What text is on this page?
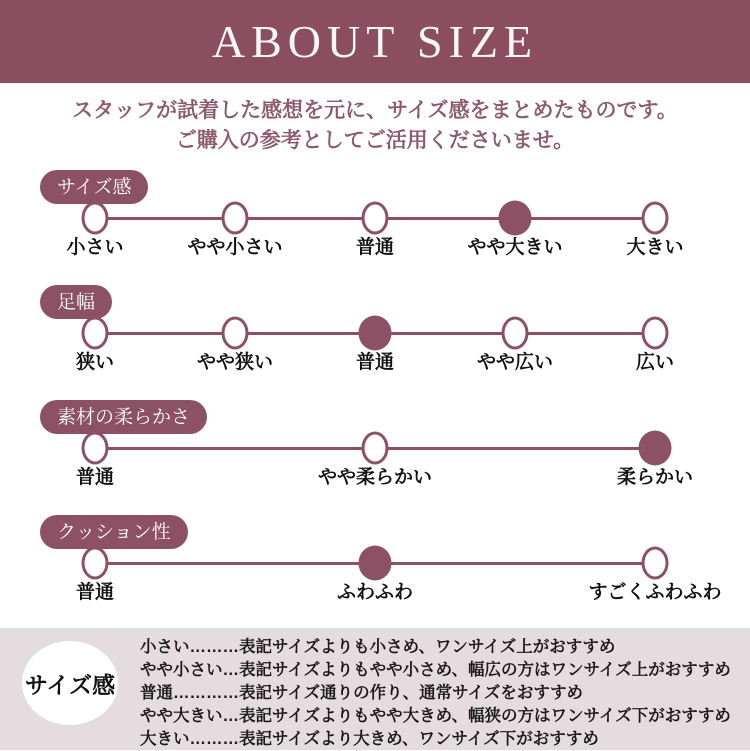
ABOUT SIZE

スタッフが試着した感想を元に、サイズ感をまとめたものです。

ご購入の参考としてご活用くださいませ。

サイズ感
小さい	やや小さい	普通	やや大きい	大きい
足幅
狭い	やや狭い	普通	やや広い	広い
素材の柔らかさ
普通	やや柔らかい	柔らかい
クッション性
普通	ふわふわ	すごくふわふわ
サイズ感

小さい………表記サイズよりも小さめ、ワンサイズ上がおすすめ

やや小さい…表記サイズよりもやや小さめ、幅広の方はワンサイズ上がおすすめ

普通…………表記サイズ通りの作り、通常サイズをおすすめ

やや大きい…表記サイズよりもやや大きめ、幅狭の方はワンサイズ下がおすすめ

大きい………表記サイズより大きめ、ワンサイズ下がおすすめ
